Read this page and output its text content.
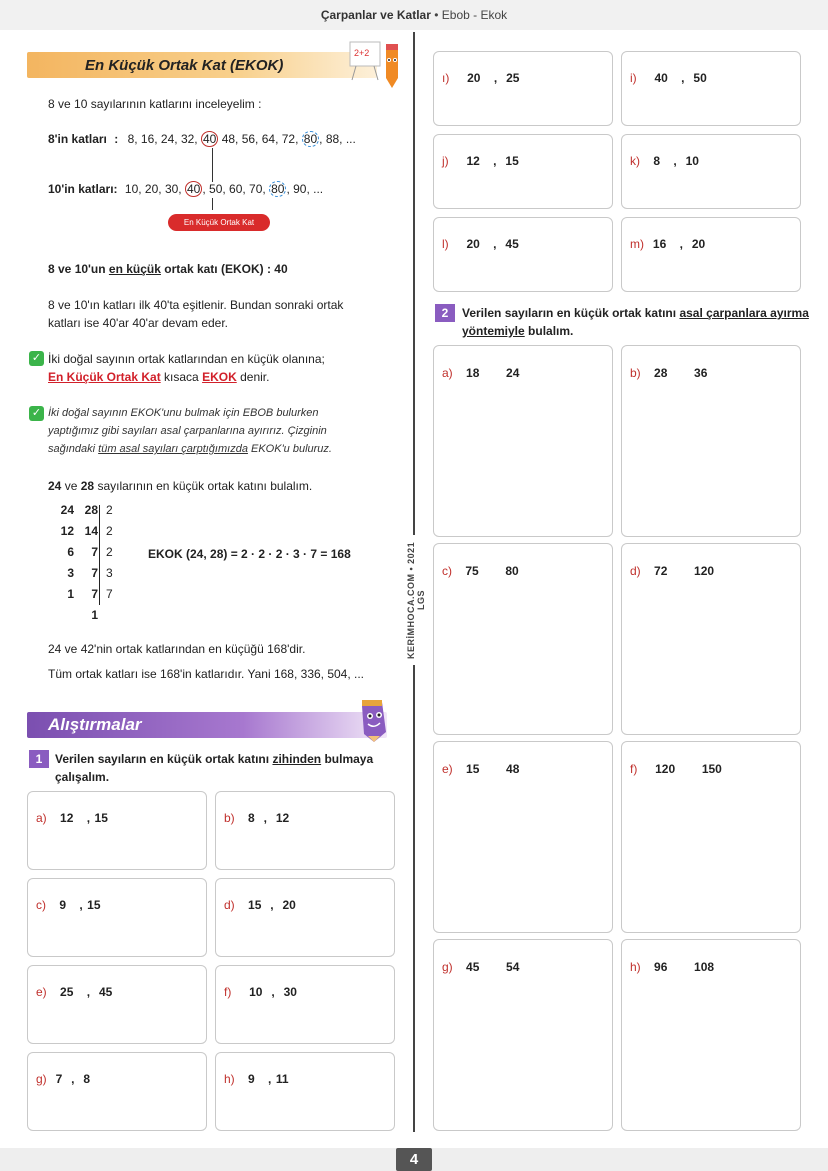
Çarpanlar ve Katlar • Ebob - Ekok
4
KERİMHOCA.COM • 2021 LGS
En Küçük Ortak Kat (EKOK)
2+2
8 ve 10 sayılarının katlarını inceleyelim :
8'in katları : 8, 16, 24, 32, 40 48, 56, 64, 72, 80 , 88, ...
10'in katları: 10, 20, 30, 40 , 50, 60, 70, 80 , 90, ...
En Küçük Ortak Kat
8 ve 10'un en küçük ortak katı (EKOK) : 40
8 ve 10'ın katları ilk 40'ta eşitlenir. Bundan sonraki ortak
katları ise 40'ar 40'ar devam eder.
✓ İki doğal sayının ortak katlarından en küçük olanına;
En Küçük Ortak Kat kısaca EKOK denir.
✓ İki doğal sayının EKOK'unu bulmak için EBOB bulurken
yaptığımız gibi sayıları asal çarpanlarına ayırırız. Çizginin
sağındaki tüm asal sayıları çarptığımızda EKOK'u buluruz.
24 ve 28 sayılarının en küçük ortak katını bulalım.
24 28 2
12 14 2
6	7 2
3	7 3
1	7 7
1
EKOK (24, 28) = 2 · 2 · 2 · 3 · 7 = 168
24 ve 42'nin ortak katlarından en küçüğü 168'dir.
Tüm ortak katları ise 168'in katlarıdır. Yani 168, 336, 504, ...
Alıştırmalar
1	Verilen sayıların en küçük ortak katını zihinden bulmaya
çalışalım.
a) 12 , 15	b) 8 , 12
c) 9 , 15	d) 15 , 20
e) 25 , 45	f) 10 , 30
g) 7 , 8	h) 9 , 11
ı) 20 , 25	i) 40 , 50
j) 12 , 15	k) 8 , 10
l) 20 , 45	m) 16 , 20
2	Verilen sayıların en küçük ortak katını asal çarpanlara ayırma
yöntemiyle bulalım.
a) 18 24	b) 28 36
c) 75 80	d) 72 120
e) 15 48	f) 120 150
g) 45 54	h) 96 108
